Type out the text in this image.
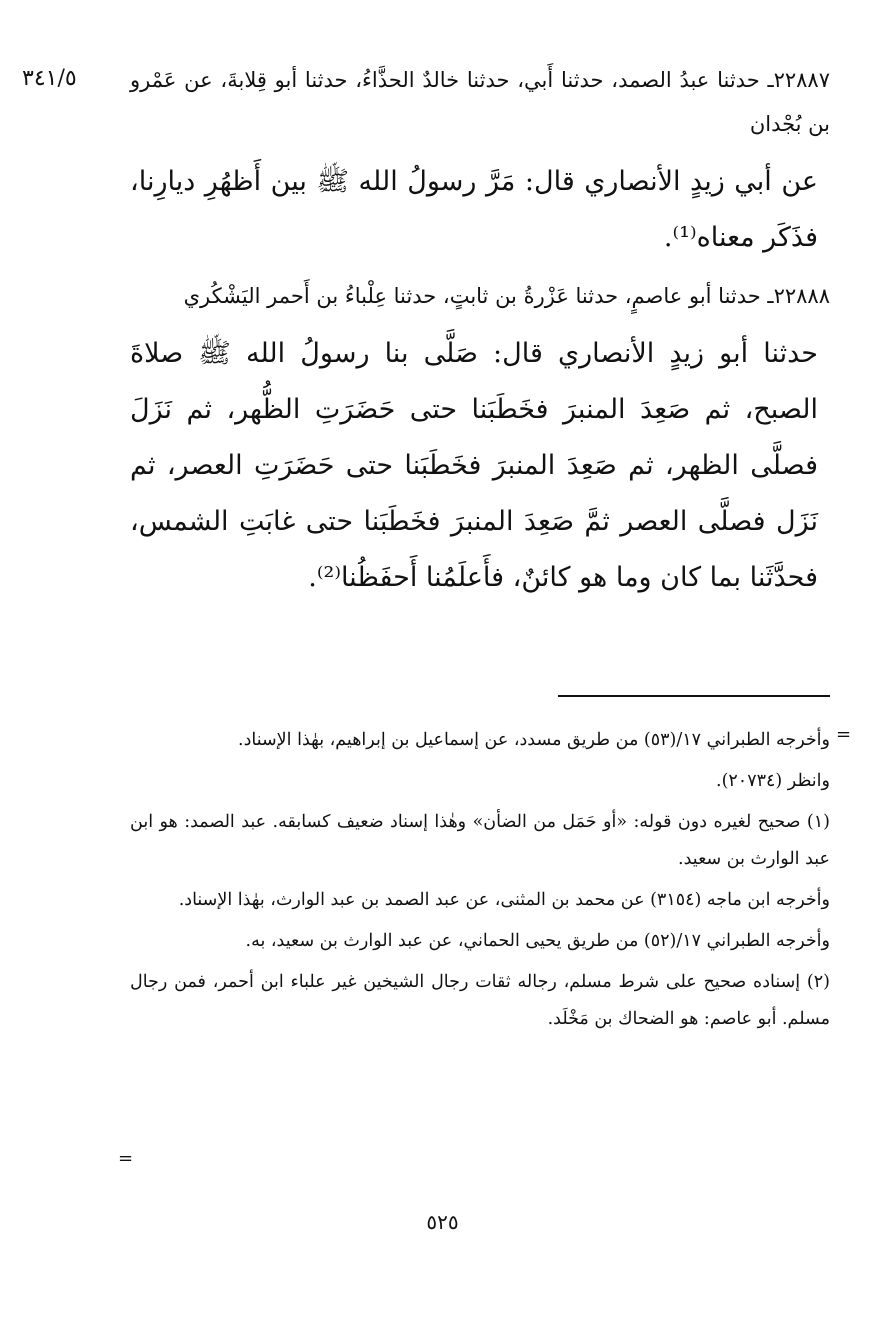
٣٤١/٥	٢٢٨٨٧ـ حدثنا عبدُ الصمد، حدثنا أَبي، حدثنا خالدٌ الحذَّاءُ، حدثنا أبو قِلابةَ، عن عَمْرو بن بُجْدان

عن أبي زيدٍ الأنصاري قال: مَرَّ رسولُ الله ﷺ بين أَظهُرِ ديارِنا، فذَكَر معناه⁽¹⁾.

٢٢٨٨٨ـ حدثنا أبو عاصمٍ، حدثنا عَزْرةُ بن ثابتٍ، حدثنا عِلْباءُ بن أَحمر اليَشْكُري

حدثنا أبو زيدٍ الأنصاري قال: صَلَّى بنا رسولُ الله ﷺ صلاةَ الصبح، ثم صَعِدَ المنبرَ فخَطَبَنا حتى حَضَرَتِ الظُّهر، ثم نَزَلَ فصلَّى الظهر، ثم صَعِدَ المنبرَ فخَطَبَنا حتى حَضَرَتِ العصر، ثم نَزَل فصلَّى العصر ثمَّ صَعِدَ المنبرَ فخَطَبَنا حتى غابَتِ الشمس، فحدَّثَنا بما كان وما هو كائنٌ، فأَعلَمُنا أَحفَظُنا⁽²⁾.

=

وأخرجه الطبراني ١٧/(٥٣) من طريق مسدد، عن إسماعيل بن إبراهيم، بهٰذا الإسناد.

وانظر (٢٠٧٣٤).

(١) صحيح لغيره دون قوله: «أو حَمَل من الضأن» وهٰذا إسناد ضعيف كسابقه. عبد الصمد: هو ابن عبد الوارث بن سعيد.

وأخرجه ابن ماجه (٣١٥٤) عن محمد بن المثنى، عن عبد الصمد بن عبد الوارث، بهٰذا الإسناد.

وأخرجه الطبراني ١٧/(٥٢) من طريق يحيى الحماني، عن عبد الوارث بن سعيد، به.

(٢) إسناده صحيح على شرط مسلم، رجاله ثقات رجال الشيخين غير علباء ابن أحمر، فمن رجال مسلم. أبو عاصم: هو الضحاك بن مَخْلَد.

=
٥٢٥
